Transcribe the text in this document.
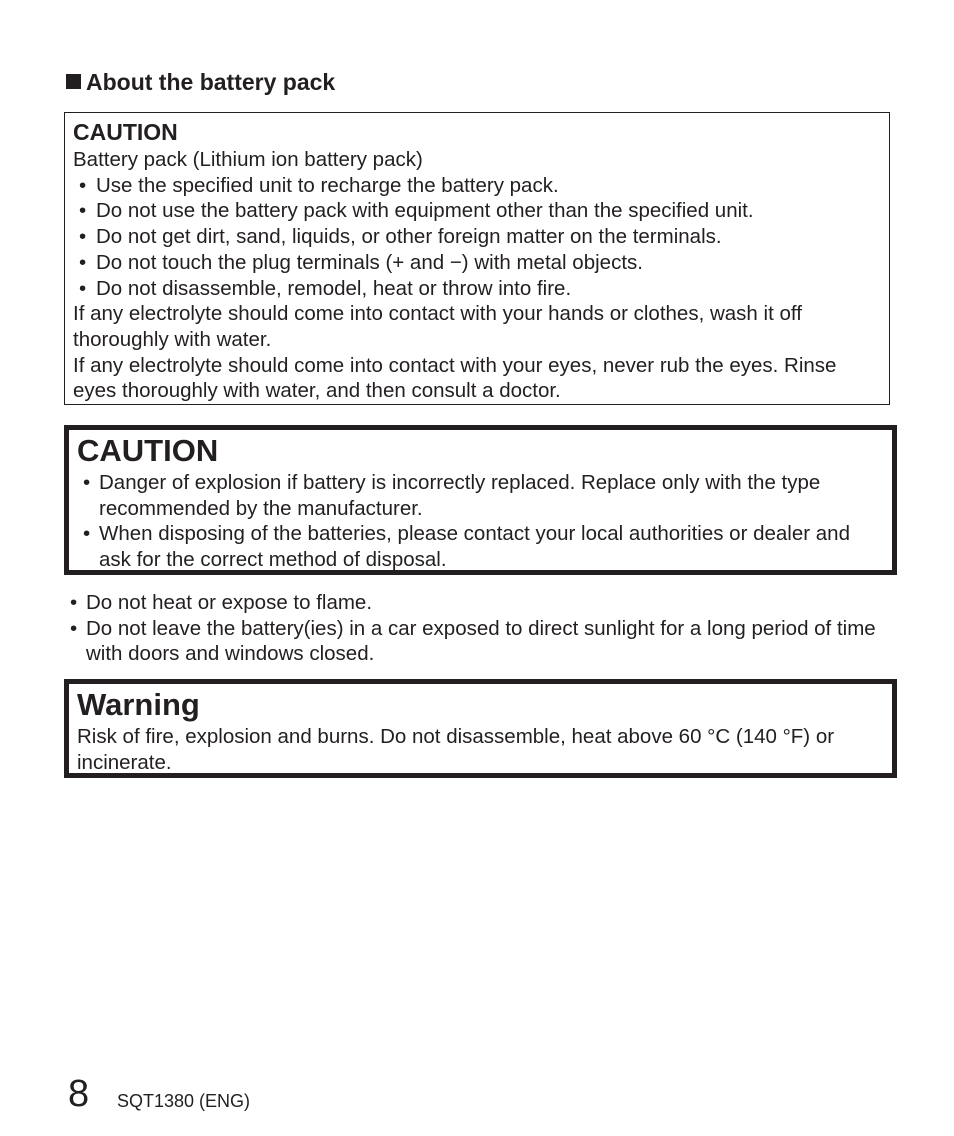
About the battery pack
CAUTION
Battery pack (Lithium ion battery pack)
• Use the specified unit to recharge the battery pack.
• Do not use the battery pack with equipment other than the specified unit.
• Do not get dirt, sand, liquids, or other foreign matter on the terminals.
• Do not touch the plug terminals (+ and −) with metal objects.
• Do not disassemble, remodel, heat or throw into fire.
If any electrolyte should come into contact with your hands or clothes, wash it off thoroughly with water.
If any electrolyte should come into contact with your eyes, never rub the eyes. Rinse eyes thoroughly with water, and then consult a doctor.
CAUTION
• Danger of explosion if battery is incorrectly replaced. Replace only with the type recommended by the manufacturer.
• When disposing of the batteries, please contact your local authorities or dealer and ask for the correct method of disposal.
• Do not heat or expose to flame.
• Do not leave the battery(ies) in a car exposed to direct sunlight for a long period of time with doors and windows closed.
Warning
Risk of fire, explosion and burns. Do not disassemble, heat above 60 °C (140 °F) or incinerate.
8 SQT1380 (ENG)
